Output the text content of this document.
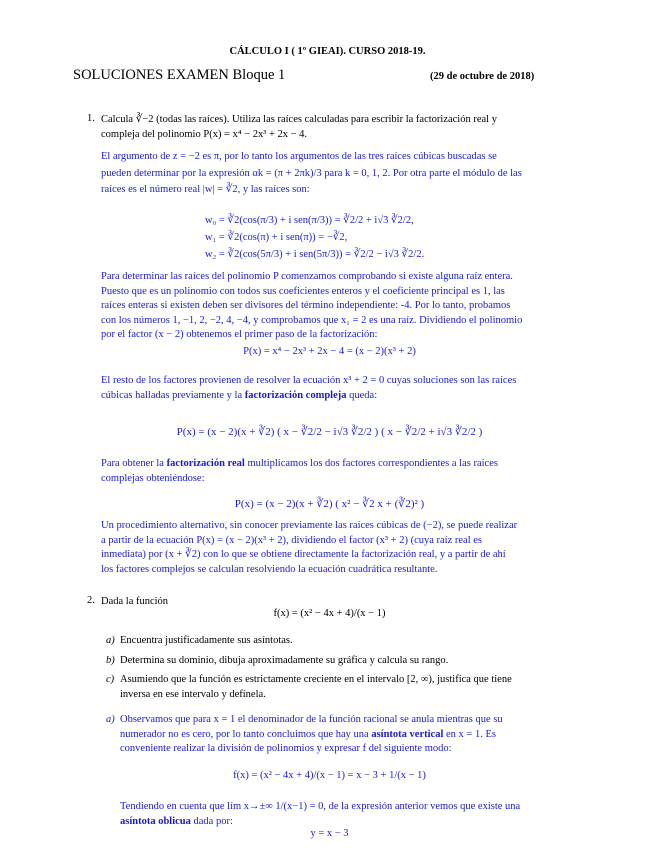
CÁLCULO I ( 1º GIEAI). CURSO 2018-19.
SOLUCIONES EXAMEN Bloque 1	(29 de octubre de 2018)
1. Calcula ∛−2 (todas las raíces). Utiliza las raíces calculadas para escribir la factorización real y
compleja del polinomio P(x) = x⁴ − 2x³ + 2x − 4.
El argumento de z = −2 es π, por lo tanto los argumentos de las tres raíces cúbicas buscadas se
pueden determinar por la expresión αk = (π + 2πk)/3 para k = 0, 1, 2. Por otra parte el módulo de las
raíces es el número real |w| = ∛2, y las raíces son:
w₀ = ∛2(cos(π/3) + i sen(π/3)) = ∛2/2 + i√3 ∛2/2,
w₁ = ∛2(cos(π) + i sen(π)) = −∛2,
w₂ = ∛2(cos(5π/3) + i sen(5π/3)) = ∛2/2 − i√3 ∛2/2.
Para determinar las raíces del polinomio P comenzamos comprobando si existe alguna raíz entera.
Puesto que es un polinomio con todos sus coeficientes enteros y el coeficiente principal es 1, las
raíces enteras si existen deben ser divisores del término independiente: -4. Por lo tanto, probamos
con los números 1, −1, 2, −2, 4, −4, y comprobamos que x₁ = 2 es una raíz. Dividiendo el polinomio
por el factor (x − 2) obtenemos el primer paso de la factorización:
P(x) = x⁴ − 2x³ + 2x − 4 = (x − 2)(x³ + 2)
El resto de los factores provienen de resolver la ecuación x³ + 2 = 0 cuyas soluciones son las raíces
cúbicas halladas previamente y la factorización compleja queda:
P(x) = (x − 2)(x + ∛2) ( x − ∛2/2 − i√3 ∛2/2 ) ( x − ∛2/2 + i√3 ∛2/2 )
Para obtener la factorización real multiplicamos los dos factores correspondientes a las raíces
complejas obteniéndose:
P(x) = (x − 2)(x + ∛2) ( x² − ∛2 x + (∛2)² )
Un procedimiento alternativo, sin conocer previamente las raíces cúbicas de (−2), se puede realizar
a partir de la ecuación P(x) = (x − 2)(x³ + 2), dividiendo el factor (x³ + 2) (cuya raíz real es
inmediata) por (x + ∛2) con lo que se obtiene directamente la factorización real, y a partir de ahí
los factores complejos se calculan resolviendo la ecuación cuadrática resultante.
2. Dada la función
f(x) = (x² − 4x + 4)/(x − 1)
a) Encuentra justificadamente sus asíntotas.
b) Determina su dominio, dibuja aproximadamente su gráfica y calcula su rango.
c) Asumiendo que la función es estrictamente creciente en el intervalo [2, ∞), justifica que tiene
inversa en ese intervalo y defínela.
a) Observamos que para x = 1 el denominador de la función racional se anula mientras que su
numerador no es cero, por lo tanto concluimos que hay una asíntota vertical en x = 1. Es
conveniente realizar la división de polinomios y expresar f del siguiente modo:
f(x) = (x² − 4x + 4)/(x − 1) = x − 3 + 1/(x − 1)
Tendiendo en cuenta que lím x→±∞ 1/(x−1) = 0, de la expresión anterior vemos que existe una
asíntota oblicua dada por:
y = x − 3
